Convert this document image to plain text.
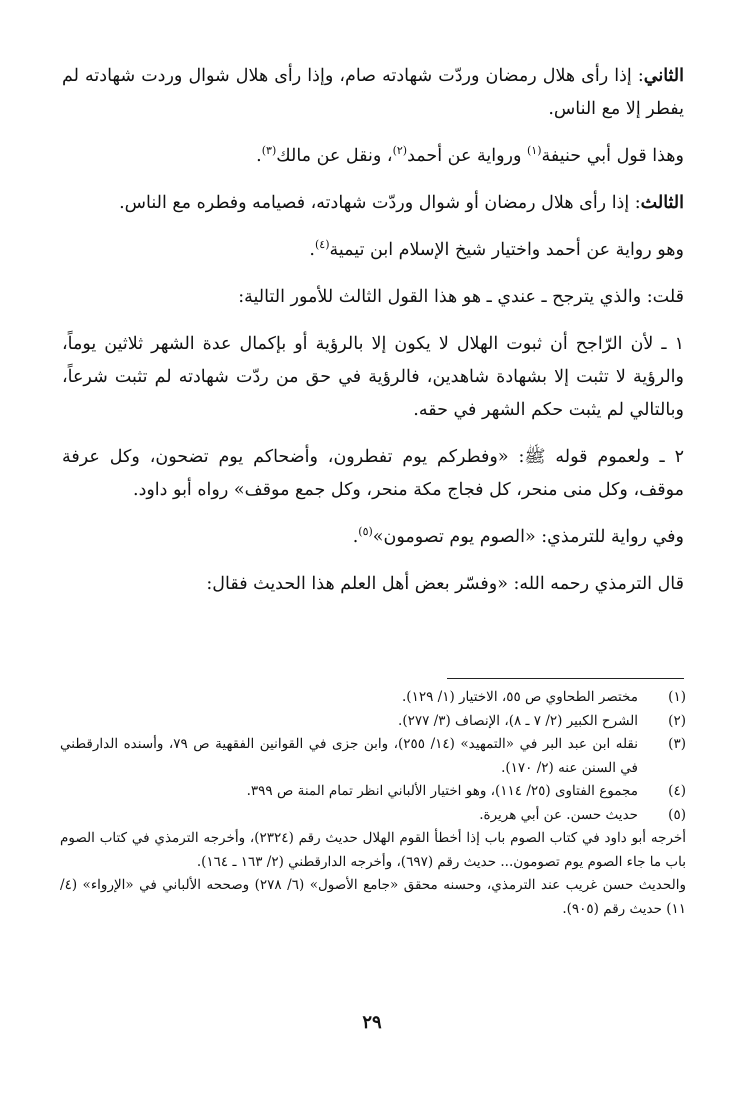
الثاني: إذا رأى هلال رمضان وردّت شهادته صام، وإذا رأى هلال شوال وردت شهادته لم يفطر إلا مع الناس.

وهذا قول أبي حنيفة$^{(١)}$ ورواية عن أحمد$^{(٢)}$، ونقل عن مالك$^{(٣)}$.

الثالث: إذا رأى هلال رمضان أو شوال وردّت شهادته، فصيامه وفطره مع الناس.

وهو رواية عن أحمد واختيار شيخ الإسلام ابن تيمية$^{(٤)}$.

قلت: والذي يترجح ـ عندي ـ هو هذا القول الثالث للأمور التالية:

١ ـ لأن الرّاجح أن ثبوت الهلال لا يكون إلا بالرؤية أو بإكمال عدة الشهر ثلاثين يوماً، والرؤية لا تثبت إلا بشهادة شاهدين، فالرؤية في حق من ردّت شهادته لم تثبت شرعاً، وبالتالي لم يثبت حكم الشهر في حقه.

٢ ـ ولعموم قوله ﷺ: «وفطركم يوم تفطرون، وأضحاكم يوم تضحون، وكل عرفة موقف، وكل منى منحر، كل فجاج مكة منحر، وكل جمع موقف» رواه أبو داود.

وفي رواية للترمذي: «الصوم يوم تصومون»$^{(٥)}$.

قال الترمذي رحمه الله: «وفسّر بعض أهل العلم هذا الحديث فقال:

(١)
مختصر الطحاوي ص ٥٥، الاختيار (١/ ١٢٩).
(٢)
الشرح الكبير (٢/ ٧ ـ ٨)، الإنصاف (٣/ ٢٧٧).
(٣)
نقله ابن عبد البر في «التمهيد» (١٤/ ٢٥٥)، وابن جزى في القوانين الفقهية ص ٧٩، وأسنده الدارقطني في السنن عنه (٢/ ١٧٠).
(٤)
مجموع الفتاوى (٢٥/ ١١٤)، وهو اختيار الألباني انظر تمام المنة ص ٣٩٩.
(٥)
حديث حسن. عن أبي هريرة.

أخرجه أبو داود في كتاب الصوم باب إذا أخطأ القوم الهلال حديث رقم (٢٣٢٤)، وأخرجه الترمذي في كتاب الصوم باب ما جاء الصوم يوم تصومون... حديث رقم (٦٩٧)، وأخرجه الدارقطني (٢/ ١٦٣ ـ ١٦٤).

والحديث حسن غريب عند الترمذي، وحسنه محقق «جامع الأصول» (٦/ ٢٧٨) وصححه الألباني في «الإرواء» (٤/ ١١) حديث رقم (٩٠٥).

٢٩
